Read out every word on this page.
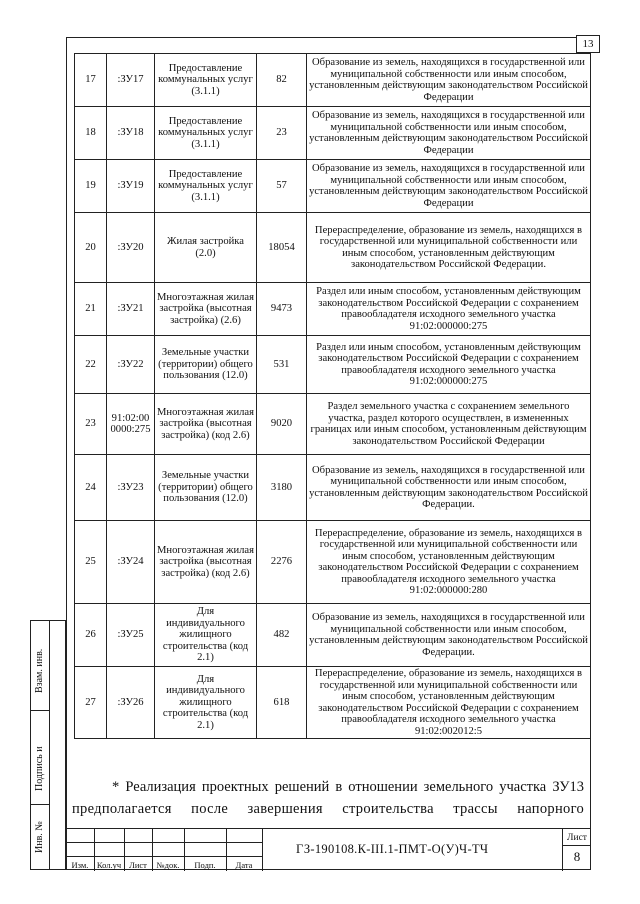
13
17	:ЗУ17	Предоставление коммунальных услуг (3.1.1)	82	Образование из земель, находящихся в государственной или муниципальной собственности или иным способом, установленным действующим законодательством Российской Федерации
18	:ЗУ18	Предоставление коммунальных услуг (3.1.1)	23	Образование из земель, находящихся в государственной или муниципальной собственности или иным способом, установленным действующим законодательством Российской Федерации
19	:ЗУ19	Предоставление коммунальных услуг (3.1.1)	57	Образование из земель, находящихся в государственной или муниципальной собственности или иным способом, установленным действующим законодательством Российской Федерации
20	:ЗУ20	Жилая застройка (2.0)	18054	Перераспределение, образование из земель, находящихся в государственной или муниципальной собственности или иным способом, установленным действующим законодательством Российской Федерации.
21	:ЗУ21	Многоэтажная жилая застройка (высотная застройка) (2.6)	9473	Раздел или иным способом, установленным действующим законодательством Российской Федерации с сохранением правообладателя исходного земельного участка 91:02:000000:275
22	:ЗУ22	Земельные участки (территории) общего пользования (12.0)	531	Раздел или иным способом, установленным действующим законодательством Российской Федерации с сохранением правообладателя исходного земельного участка 91:02:000000:275
23	91:02:00 0000:275	Многоэтажная жилая застройка (высотная застройка) (код 2.6)	9020	Раздел земельного участка с сохранением земельного участка, раздел которого осуществлен, в измененных границах или иным способом, установленным действующим законодательством Российской Федерации
24	:ЗУ23	Земельные участки (территории) общего пользования (12.0)	3180	Образование из земель, находящихся в государственной или муниципальной собственности или иным способом, установленным действующим законодательством Российской Федерации.
25	:ЗУ24	Многоэтажная жилая застройка (высотная застройка) (код 2.6)	2276	Перераспределение, образование из земель, находящихся в государственной или муниципальной собственности или иным способом, установленным действующим законодательством Российской Федерации с сохранением правообладателя исходного земельного участка 91:02:000000:280
26	:ЗУ25	Для индивидуального жилищного строительства (код 2.1)	482	Образование из земель, находящихся в государственной или муниципальной собственности или иным способом, установленным действующим законодательством Российской Федерации.
27	:ЗУ26	Для индивидуального жилищного строительства (код 2.1)	618	Перераспределение, образование из земель, находящихся в государственной или муниципальной собственности или иным способом, установленным действующим законодательством Российской Федерации с сохранением правообладателя исходного земельного участка 91:02:002012:5
* Реализация проектных решений в отношении земельного участка ЗУ13
предполагается после завершения строительства трассы напорного
Взам. инв.
Подпись и
Инв. №
Изм. Кол.уч Лист	№док.	Подп.	Дата
ГЗ-190108.К-III.1-ПМТ-О(У)Ч-ТЧ
Лист
8
